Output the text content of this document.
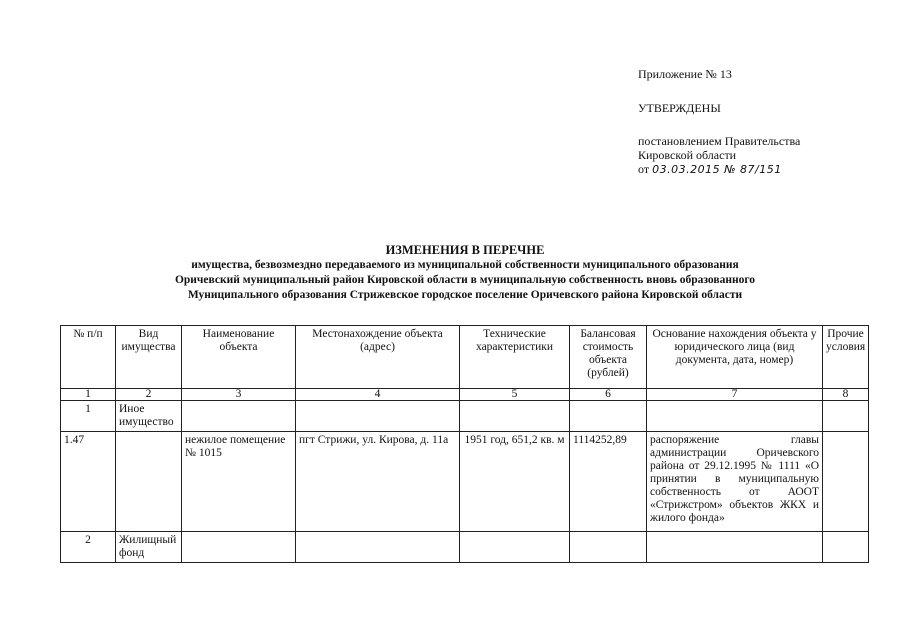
Приложение № 13
УТВЕРЖДЕНЫ
постановлением Правительства
Кировской области
от 03.03.2015 № 87/151
ИЗМЕНЕНИЯ В ПЕРЕЧНЕ
имущества, безвозмездно передаваемого из муниципальной собственности муниципального образования
Оричевский муниципальный район Кировской области в муниципальную собственность вновь образованного
Муниципального образования Стрижевское городское поселение Оричевского района Кировской области
№ п/п	Вид имущества	Наименование объекта	Местонахождение объекта (адрес)	Технические характеристики	Балансовая стоимость объекта (рублей)	Основание нахождения объекта у юридического лица (вид документа, дата, номер)	Прочие условия
1	2	3	4	5	6	7	8
1	Иное имущество						
1.47		нежилое помещение № 1015	пгт Стрижи, ул. Кирова, д. 11а	1951 год, 651,2 кв. м	1114252,89	распоряжение главы администрации Оричевского района от 29.12.1995 № 1111 «О принятии в муниципальную собственность от АООТ «Стрижстром» объектов ЖКХ и жилого фонда»	
2	Жилищный фонд						
